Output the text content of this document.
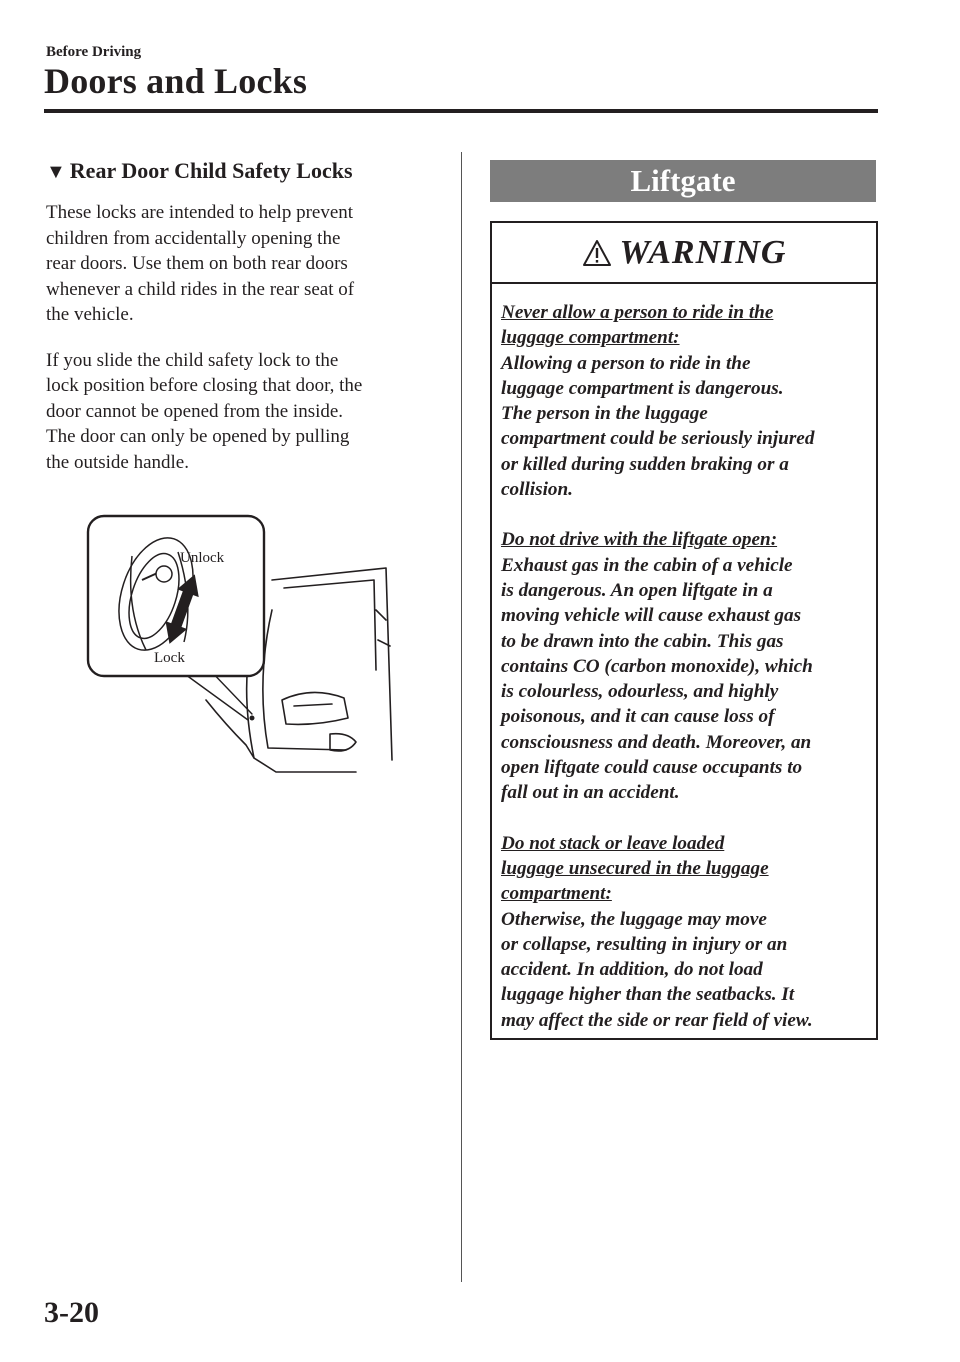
Before Driving
Doors and Locks
▼ Rear Door Child Safety Locks

These locks are intended to help prevent
children from accidentally opening the
rear doors. Use them on both rear doors
whenever a child rides in the rear seat of
the vehicle.

If you slide the child safety lock to the
lock position before closing that door, the
door cannot be opened from the inside.
The door can only be opened by pulling
the outside handle.

Unlock
Lock
Liftgate
WARNING
Never allow a person to ride in the
luggage compartment:
Allowing a person to ride in the
luggage compartment is dangerous.
The person in the luggage
compartment could be seriously injured
or killed during sudden braking or a
collision.
Do not drive with the liftgate open:
Exhaust gas in the cabin of a vehicle
is dangerous. An open liftgate in a
moving vehicle will cause exhaust gas
to be drawn into the cabin. This gas
contains CO (carbon monoxide), which
is colourless, odourless, and highly
poisonous, and it can cause loss of
consciousness and death. Moreover, an
open liftgate could cause occupants to
fall out in an accident.
Do not stack or leave loaded
luggage unsecured in the luggage
compartment:
Otherwise, the luggage may move
or collapse, resulting in injury or an
accident. In addition, do not load
luggage higher than the seatbacks. It
may affect the side or rear field of view.
3-20
